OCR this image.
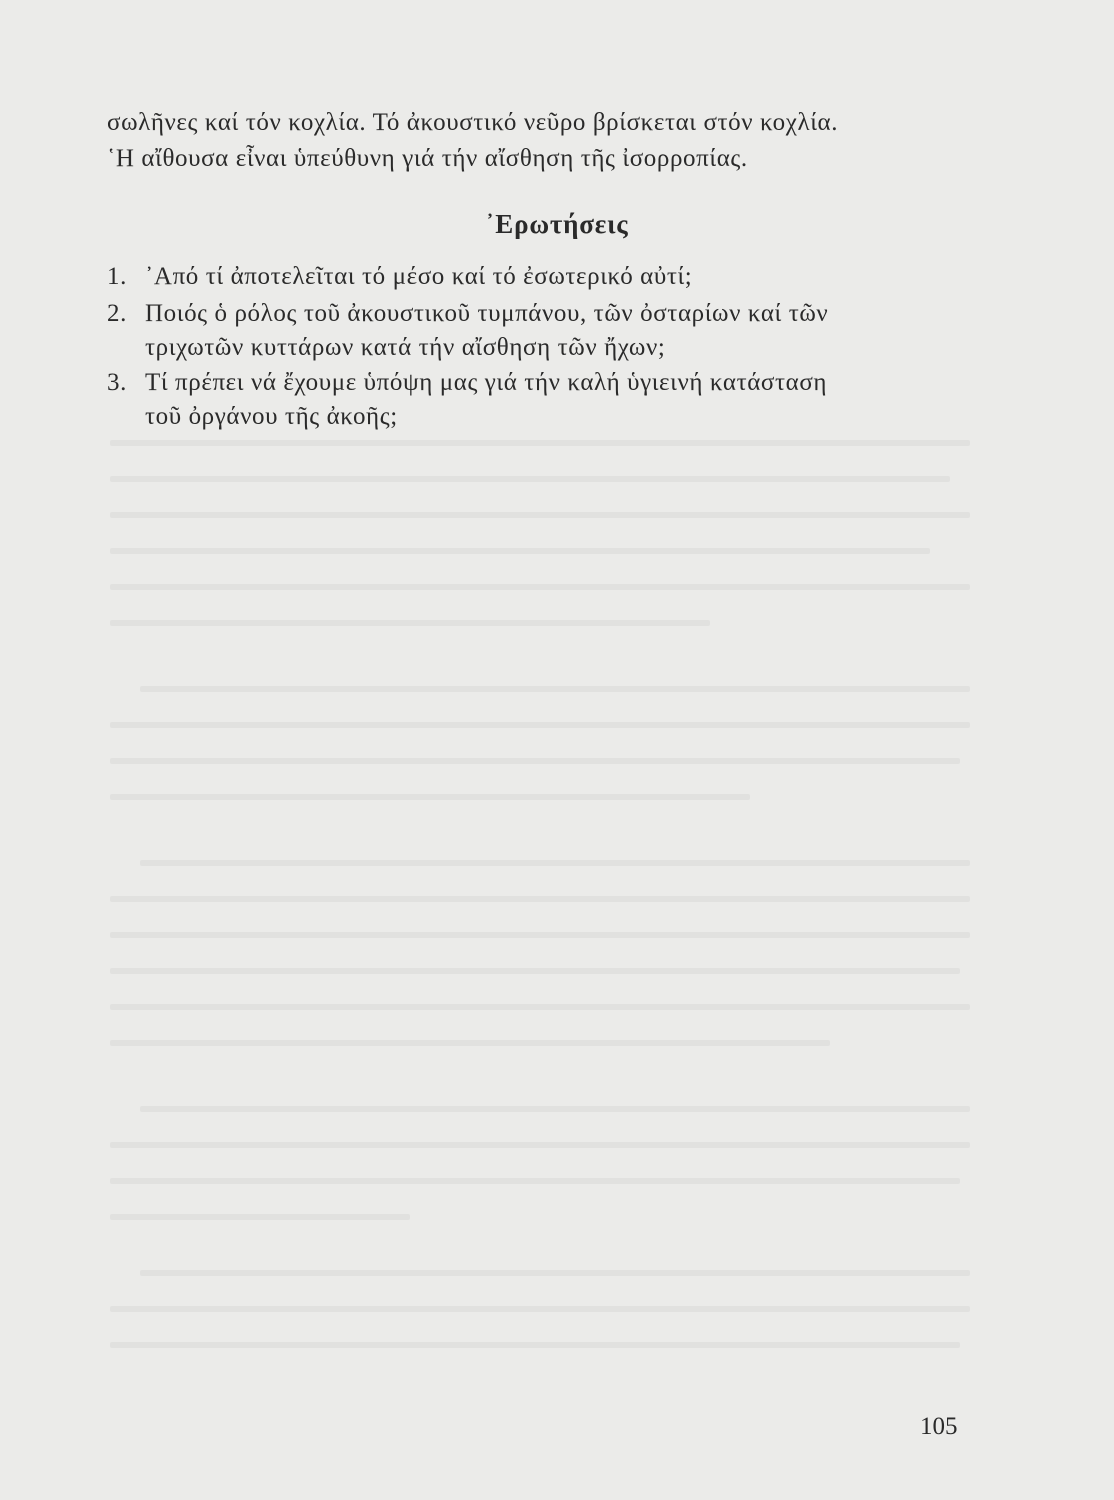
σωλῆνες καί τόν κοχλία. Τό ἀκουστικό νεῦρο βρίσκεται στόν κοχλία.
῾Η αἴθουσα εἶναι ὑπεύθυνη γιά τήν αἴσθηση τῆς ἰσορροπίας.
᾿Ερωτήσεις
1. ᾿Από τί ἀποτελεῖται τό μέσο καί τό ἐσωτερικό αὐτί;
2. Ποιός ὁ ρόλος τοῦ ἀκουστικοῦ τυμπάνου, τῶν ὀσταρίων καί τῶν
τριχωτῶν κυττάρων κατά τήν αἴσθηση τῶν ἤχων;
3. Τί πρέπει νά ἔχουμε ὑπόψη μας γιά τήν καλή ὑγιεινή κατάσταση
τοῦ ὀργάνου τῆς ἀκοῆς;
105
